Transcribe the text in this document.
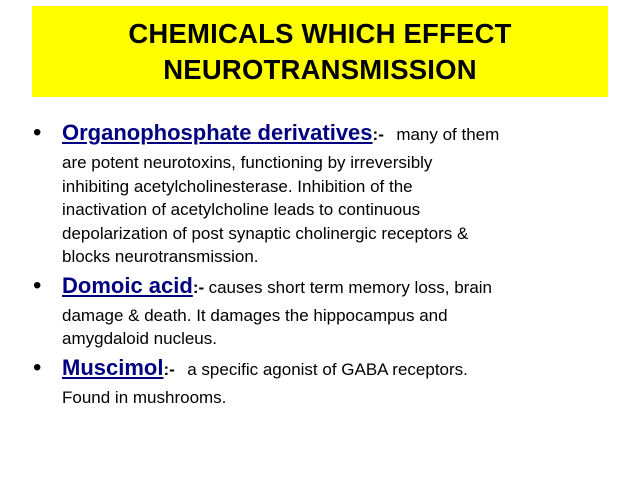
CHEMICALS WHICH EFFECT
NEUROTRANSMISSION
• Organophosphate derivatives:- many of them
are potent neurotoxins, functioning by irreversibly
inhibiting acetylcholinesterase. Inhibition of the
inactivation of acetylcholine leads to continuous
depolarization of post synaptic cholinergic receptors &
blocks neurotransmission.
• Domoic acid:- causes short term memory loss, brain
damage & death. It damages the hippocampus and
amygdaloid nucleus.
• Muscimol:- a specific agonist of GABA receptors.
Found in mushrooms.
